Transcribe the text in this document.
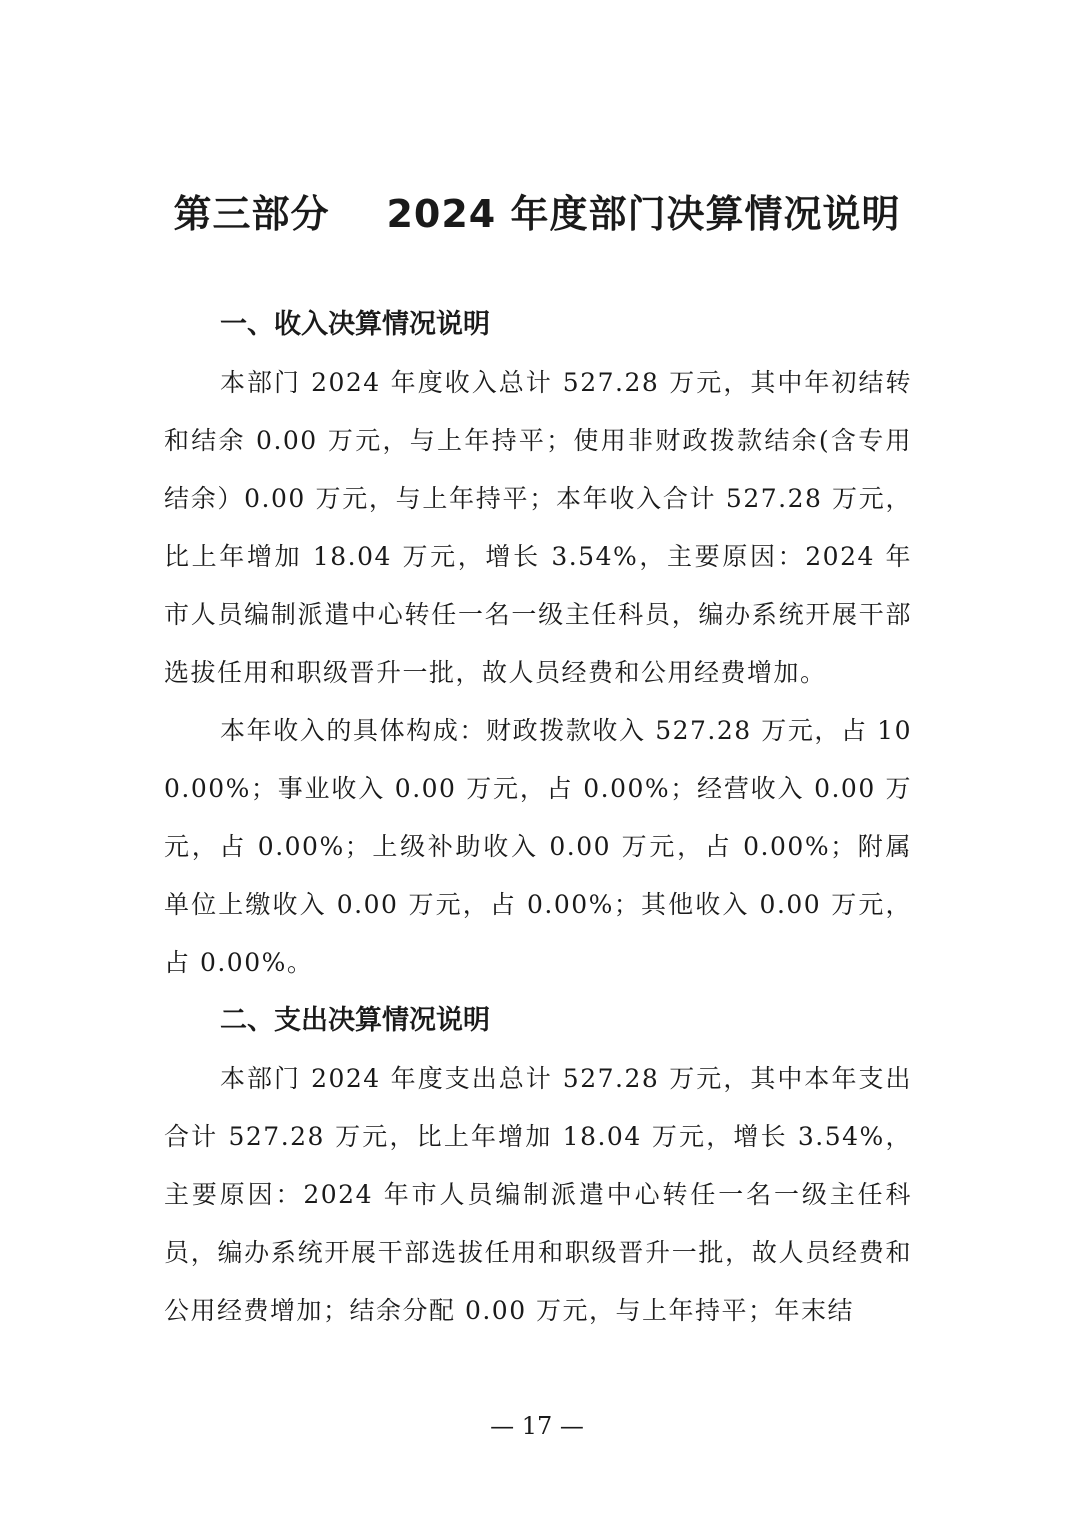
第三部分    2024 年度部门决算情况说明
一、收入决算情况说明

本部门 2024 年度收入总计 527.28 万元，其中年初结转和结余 0.00 万元，与上年持平；使用非财政拨款结余(含专用结余）0.00 万元，与上年持平；本年收入合计 527.28 万元，比上年增加 18.04 万元，增长 3.54%，主要原因：2024 年市人员编制派遣中心转任一名一级主任科员，编办系统开展干部选拔任用和职级晋升一批，故人员经费和公用经费增加。

本年收入的具体构成：财政拨款收入 527.28 万元，占 100.00%；事业收入 0.00 万元，占 0.00%；经营收入 0.00 万元，占 0.00%；上级补助收入 0.00 万元，占 0.00%；附属单位上缴收入 0.00 万元，占 0.00%；其他收入 0.00 万元，占 0.00%。

二、支出决算情况说明

本部门 2024 年度支出总计 527.28 万元，其中本年支出合计 527.28 万元，比上年增加 18.04 万元，增长 3.54%，主要原因：2024 年市人员编制派遣中心转任一名一级主任科员，编办系统开展干部选拔任用和职级晋升一批，故人员经费和公用经费增加；结余分配 0.00 万元，与上年持平；年末结

— 17 —
